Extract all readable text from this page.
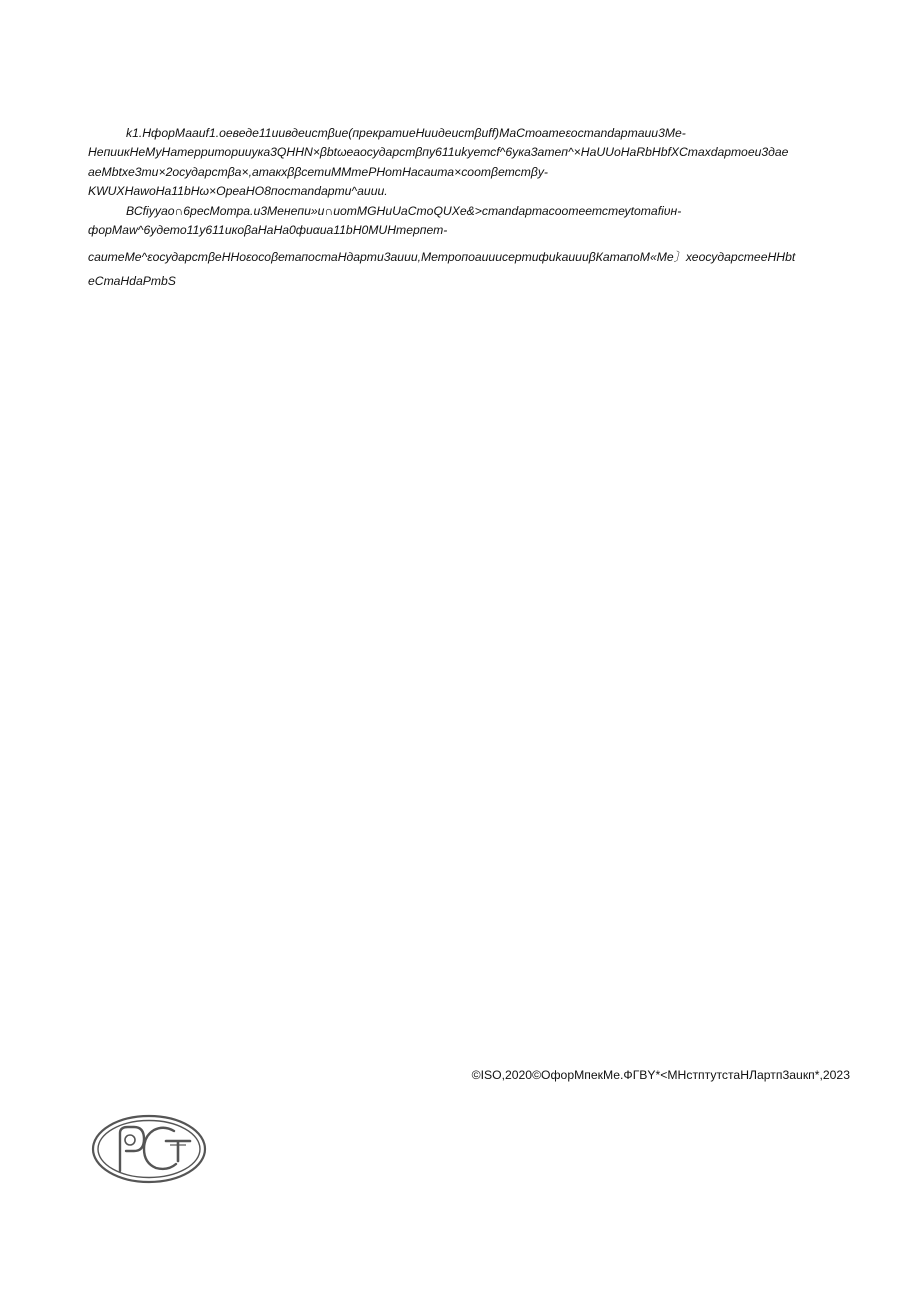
k1.НфорМааuf1.оеведе11иuвдеистβие(прекратиеНuидеистβuff)МаСтоатеεостаndартauи3Ме-
НепиикНеМуНатерриториuука3QНHN×βbtωеаосударстβпу611иkуетсf^6ука3атеп^×НаUUоНаRbНbfXСтахdартоеи3дае
аеМbtxе3ти×2осударстβа×,атакхββсетиММтеРНотНасаита×соотβетстβу-
KWUXНawoНа11bНω×ОреаНО8постandарти^аиии.

ВСfiyyао∩6ресМотра.и3Менепи»и∩иотМGНиUаСmoQUXe&>стаndартасоотеетстеуtomafiυн-
форМаw^6удетo11у611икоβаНаНа0фиαиа11bН0МUНтерпет-
саитеМе^εосударстβеННоεосоβетапостаНдарти3аиии,МетропоаиuисертифиkauиuβКатапоМ«Ме〕хеосудapстееННbt
еСтаНdaРmbS

©ISO,2020©ОфорМпекМе.ФГВY*<МНстптутстаНЛартп3аuкп*,2023
